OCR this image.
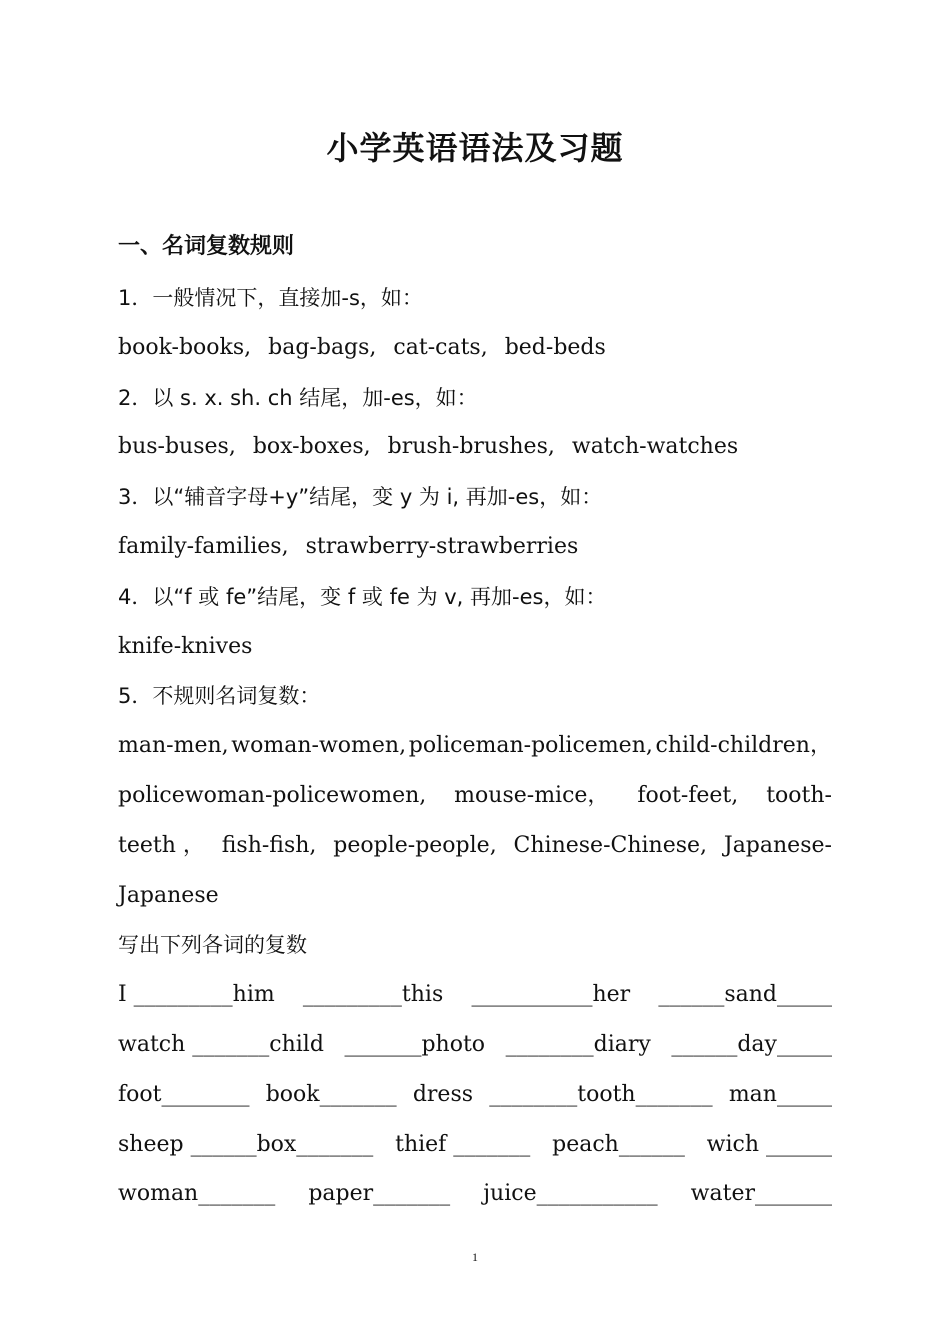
小学英语语法及习题
一、名词复数规则
1．一般情况下，直接加-s，如：
book-books, bag-bags, cat-cats, bed-beds
2．以 s. x. sh. ch 结尾，加-es，如：
bus-buses, box-boxes, brush-brushes, watch-watches
3．以“辅音字母+y”结尾，变 y 为 i, 再加-es，如：
family-families, strawberry-strawberries
4．以“f 或 fe”结尾，变 f 或 fe 为 v, 再加-es，如：
knife-knives
5．不规则名词复数：
man-men, woman-women, policeman-policemen, child-children，
policewoman-policewomen, mouse-mice， foot-feet, tooth-
teeth ， fish-fish, people-people, Chinese-Chinese, Japanese-
Japanese
写出下列各词的复数
I _________him _________this ___________her ______sand_____
watch _______child _______photo ________diary ______day_____
foot________ book_______ dress ________tooth_______ man_____
sheep ______box_______ thief _______ peach______ wich ______
woman_______ paper_______ juice___________ water_______
1
